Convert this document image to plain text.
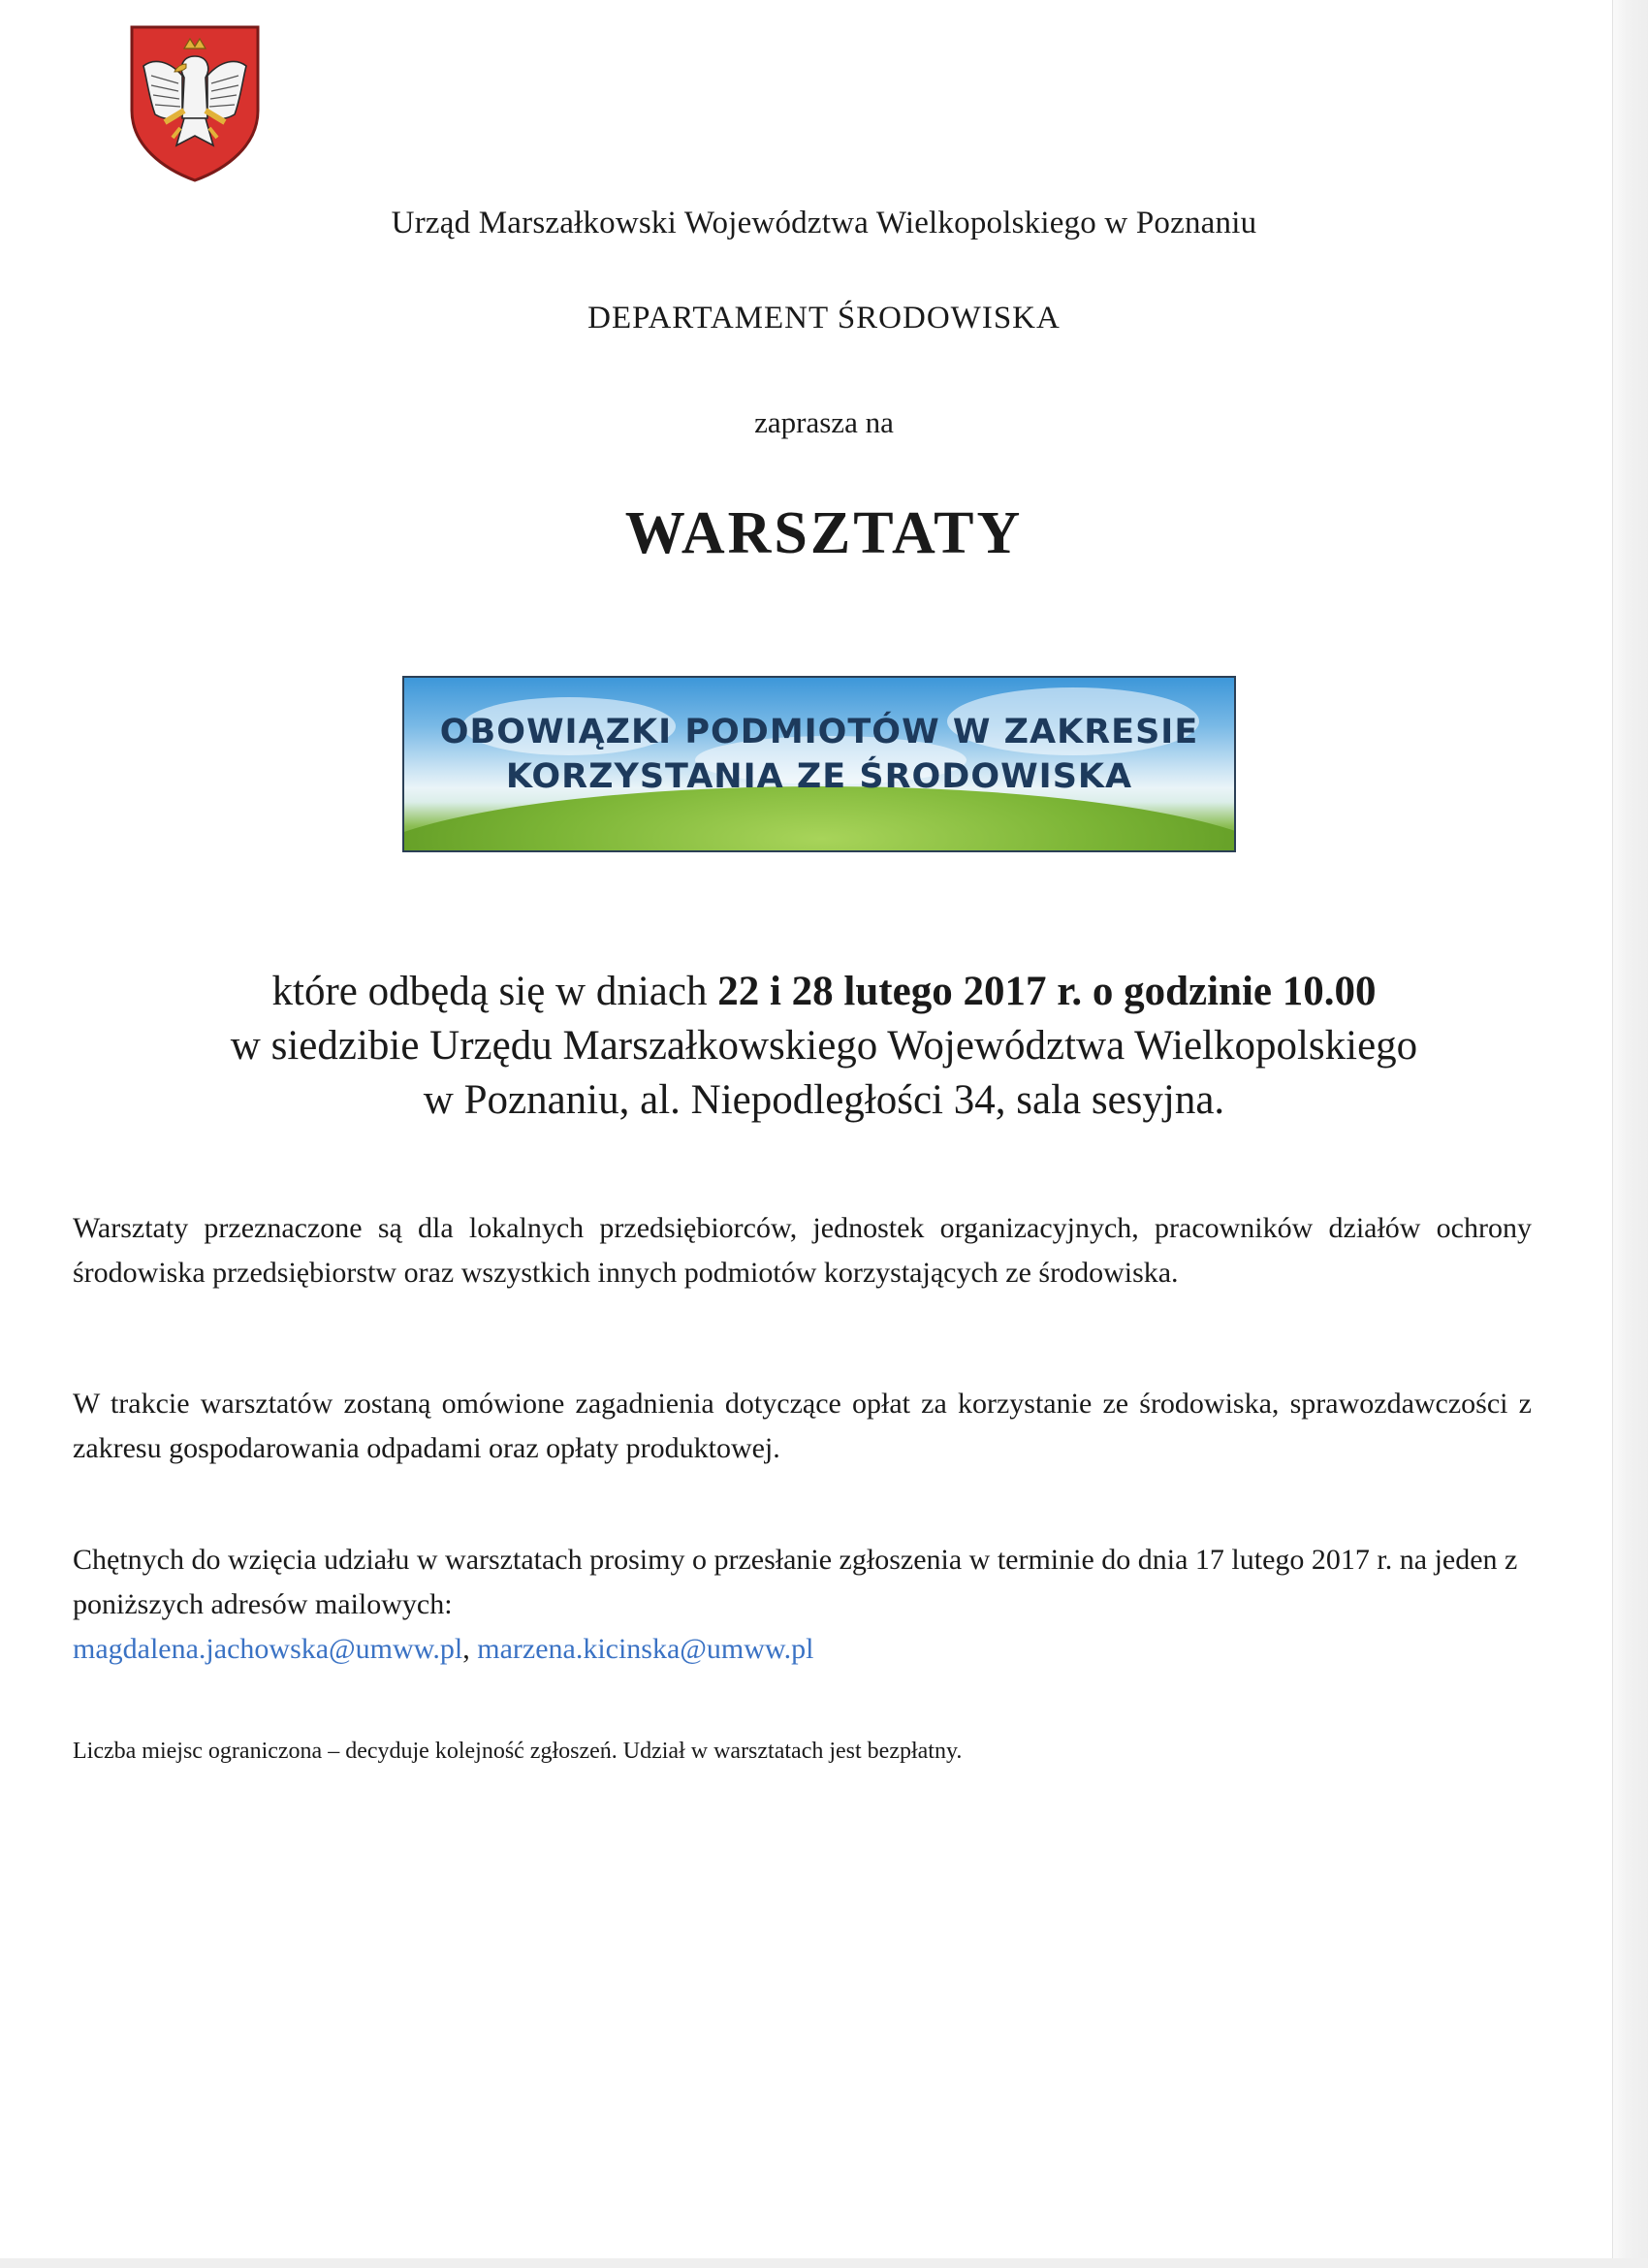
Urząd Marszałkowski Województwa Wielkopolskiego w Poznaniu
DEPARTAMENT ŚRODOWISKA
zaprasza na
WARSZTATY
OBOWIĄZKI PODMIOTÓW W ZAKRESIE
KORZYSTANIA ZE ŚRODOWISKA
które odbędą się w dniach 22 i 28 lutego 2017 r. o godzinie 10.00
w siedzibie Urzędu Marszałkowskiego Województwa Wielkopolskiego
w Poznaniu, al. Niepodległości 34, sala sesyjna.
Warsztaty przeznaczone są dla lokalnych przedsiębiorców, jednostek organizacyjnych, pracowników działów ochrony środowiska przedsiębiorstw oraz wszystkich innych podmiotów korzystających ze środowiska.
W trakcie warsztatów zostaną omówione zagadnienia dotyczące opłat za korzystanie ze środowiska, sprawozdawczości z zakresu gospodarowania odpadami oraz opłaty produktowej.
Chętnych do wzięcia udziału w warsztatach prosimy o przesłanie zgłoszenia w terminie do dnia 17 lutego 2017 r. na jeden z poniższych adresów mailowych:
magdalena.jachowska@umww.pl, marzena.kicinska@umww.pl
Liczba miejsc ograniczona – decyduje kolejność zgłoszeń. Udział w warsztatach jest bezpłatny.
